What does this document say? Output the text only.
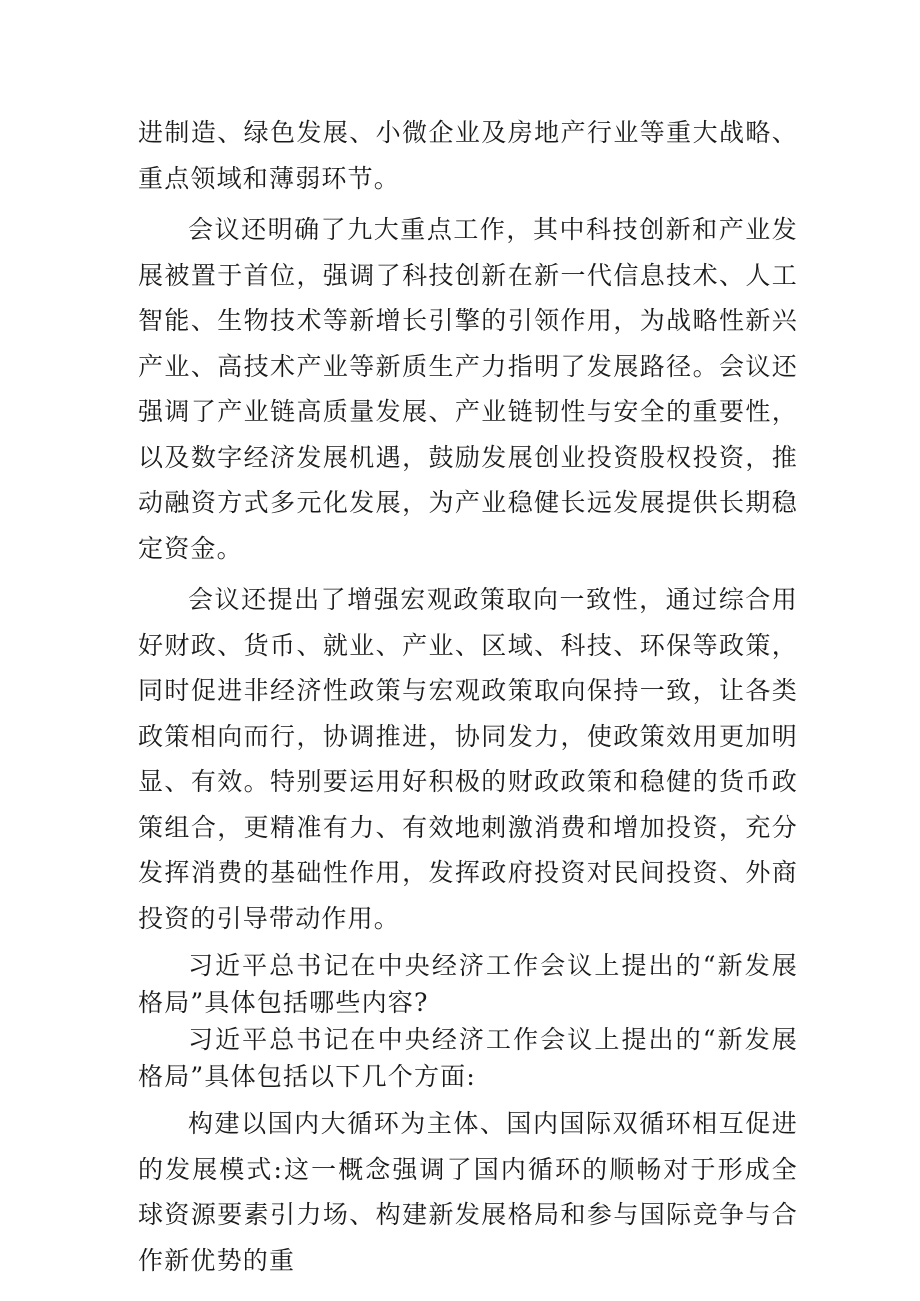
进制造、绿色发展、小微企业及房地产行业等重大战略、重点领域和薄弱环节。

会议还明确了九大重点工作，其中科技创新和产业发展被置于首位，强调了科技创新在新一代信息技术、人工智能、生物技术等新增长引擎的引领作用，为战略性新兴产业、高技术产业等新质生产力指明了发展路径。会议还强调了产业链高质量发展、产业链韧性与安全的重要性，以及数字经济发展机遇，鼓励发展创业投资股权投资，推动融资方式多元化发展，为产业稳健长远发展提供长期稳定资金。

会议还提出了增强宏观政策取向一致性，通过综合用好财政、货币、就业、产业、区域、科技、环保等政策，同时促进非经济性政策与宏观政策取向保持一致，让各类政策相向而行，协调推进，协同发力，使政策效用更加明显、有效。特别要运用好积极的财政政策和稳健的货币政策组合，更精准有力、有效地刺激消费和增加投资，充分发挥消费的基础性作用，发挥政府投资对民间投资、外商投资的引导带动作用。

习近平总书记在中央经济工作会议上提出的“新发展格局”具体包括哪些内容?

习近平总书记在中央经济工作会议上提出的“新发展格局”具体包括以下几个方面:

构建以国内大循环为主体、国内国际双循环相互促进的发展模式:这一概念强调了国内循环的顺畅对于形成全球资源要素引力场、构建新发展格局和参与国际竞争与合作新优势的重
